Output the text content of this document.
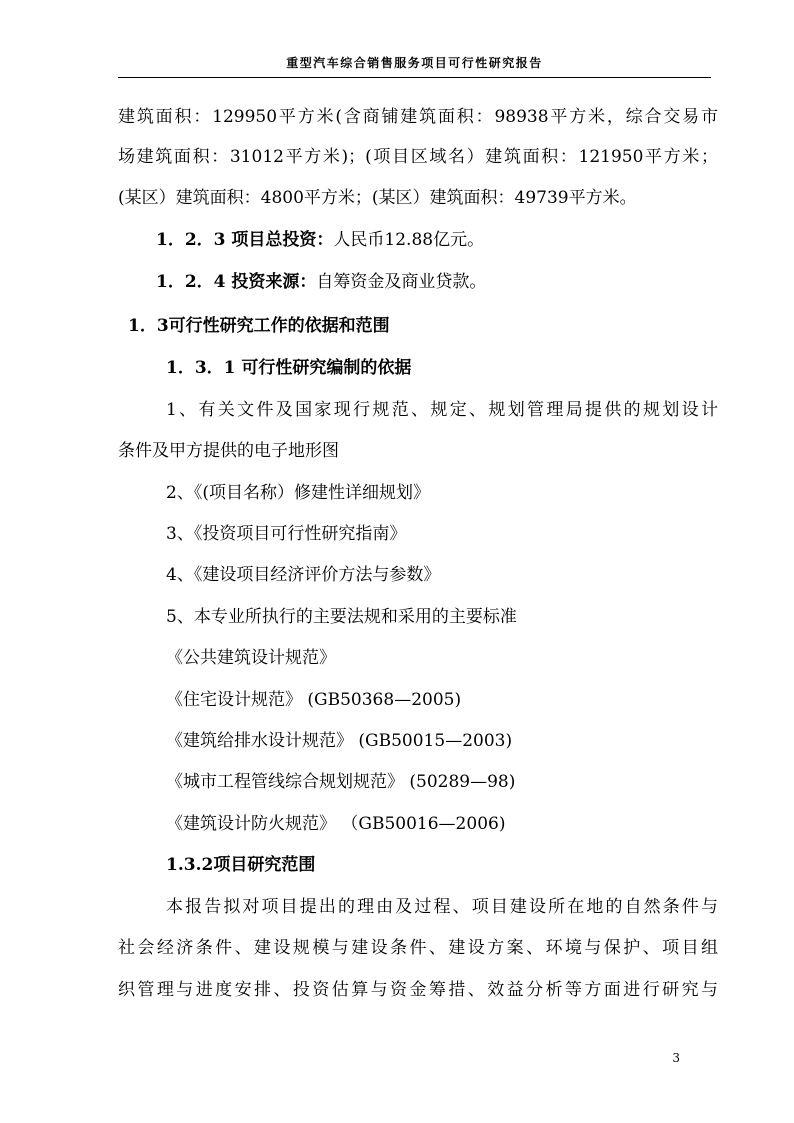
重型汽车综合销售服务项目可行性研究报告
建筑面积：129950平方米(含商铺建筑面积：98938平方米，综合交易市
场建筑面积：31012平方米)；(项目区域名）建筑面积：121950平方米；
(某区）建筑面积：4800平方米；(某区）建筑面积：49739平方米。
1．2．3 项目总投资：人民币12.88亿元。
1．2．4 投资来源：自筹资金及商业贷款。
1．3可行性研究工作的依据和范围
1．3．1 可行性研究编制的依据
1、有关文件及国家现行规范、规定、规划管理局提供的规划设计
条件及甲方提供的电子地形图
2、《(项目名称）修建性详细规划》
3、《投资项目可行性研究指南》
4、《建设项目经济评价方法与参数》
5、本专业所执行的主要法规和采用的主要标准
《公共建筑设计规范》
《住宅设计规范》 (GB50368—2005)
《建筑给排水设计规范》 (GB50015—2003)
《城市工程管线综合规划规范》 (50289—98)
《建筑设计防火规范》 （GB50016—2006)
1.3.2项目研究范围
本报告拟对项目提出的理由及过程、项目建设所在地的自然条件与
社会经济条件、建设规模与建设条件、建设方案、环境与保护、项目组
织管理与进度安排、投资估算与资金筹措、效益分析等方面进行研究与
3
